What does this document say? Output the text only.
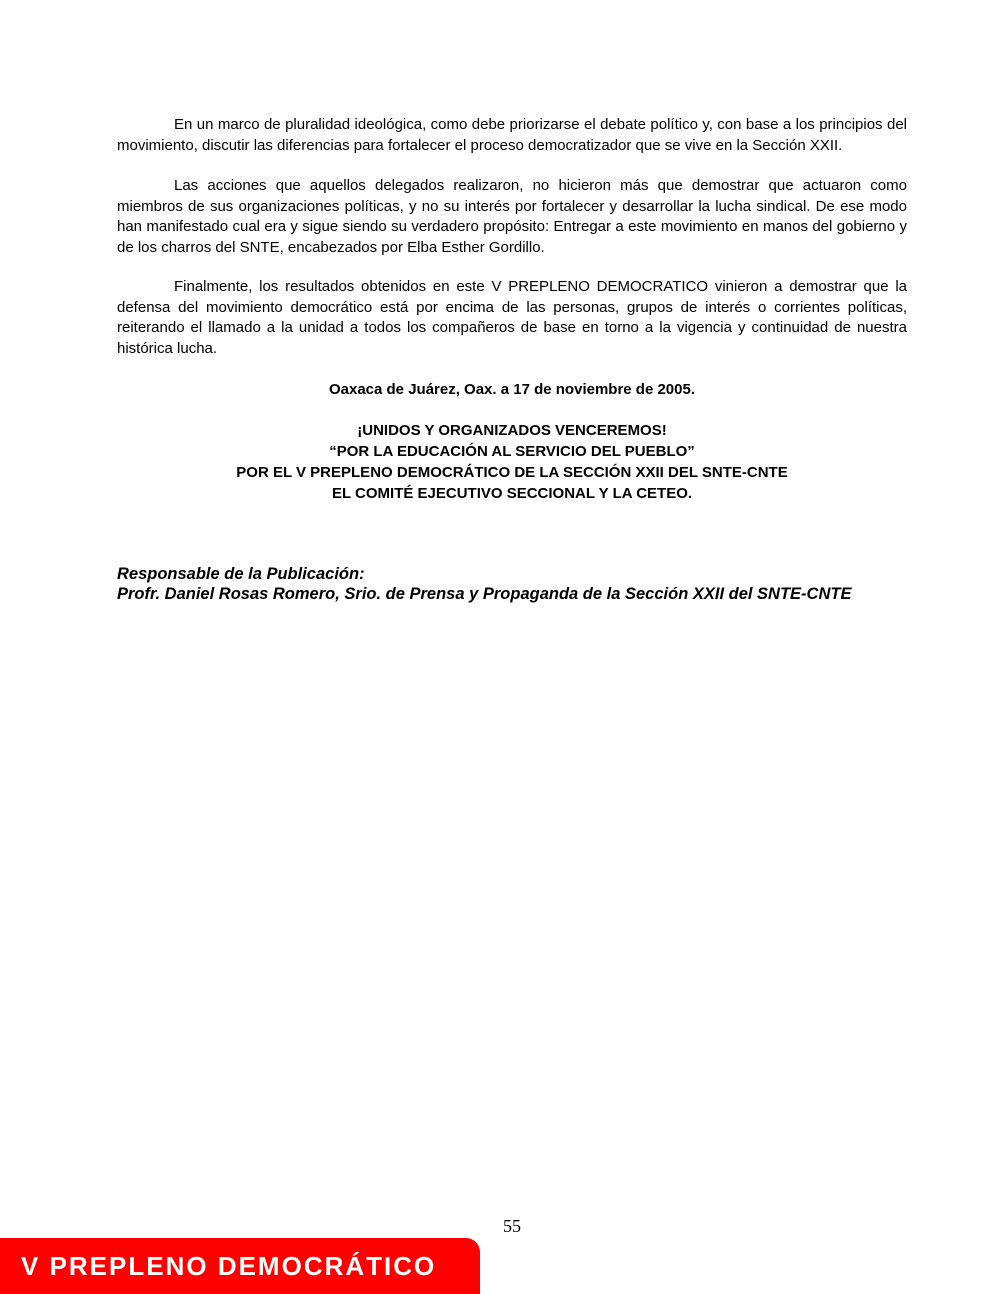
En un marco de pluralidad ideológica, como debe priorizarse el debate político y, con base a los principios del movimiento, discutir las diferencias para fortalecer el proceso democratizador que se vive en la Sección XXII.

Las acciones que aquellos delegados realizaron, no hicieron más que demostrar que actuaron como miembros de sus organizaciones políticas, y no su interés por fortalecer y desarrollar la lucha sindical. De ese modo han manifestado cual era y sigue siendo su verdadero propósito: Entregar a este movimiento en manos del gobierno y de los charros del SNTE, encabezados por Elba Esther Gordillo.

Finalmente, los resultados obtenidos en este V PREPLENO DEMOCRATICO vinieron a demostrar que la defensa del movimiento democrático está por encima de las personas, grupos de interés o corrientes políticas, reiterando el llamado a la unidad a todos los compañeros de base en torno a la vigencia y continuidad de nuestra histórica lucha.

Oaxaca de Juárez, Oax. a 17 de noviembre de 2005.
¡UNIDOS Y ORGANIZADOS VENCEREMOS!
“POR LA EDUCACIÓN AL SERVICIO DEL PUEBLO”
POR EL V PREPLENO DEMOCRÁTICO DE LA SECCIÓN XXII DEL SNTE-CNTE
EL COMITÉ EJECUTIVO SECCIONAL Y LA CETEO.
Responsable de la Publicación:
Profr. Daniel Rosas Romero, Srio. de Prensa y Propaganda de la Sección XXII del SNTE-CNTE
55
V PREPLENO DEMOCRÁTICO
